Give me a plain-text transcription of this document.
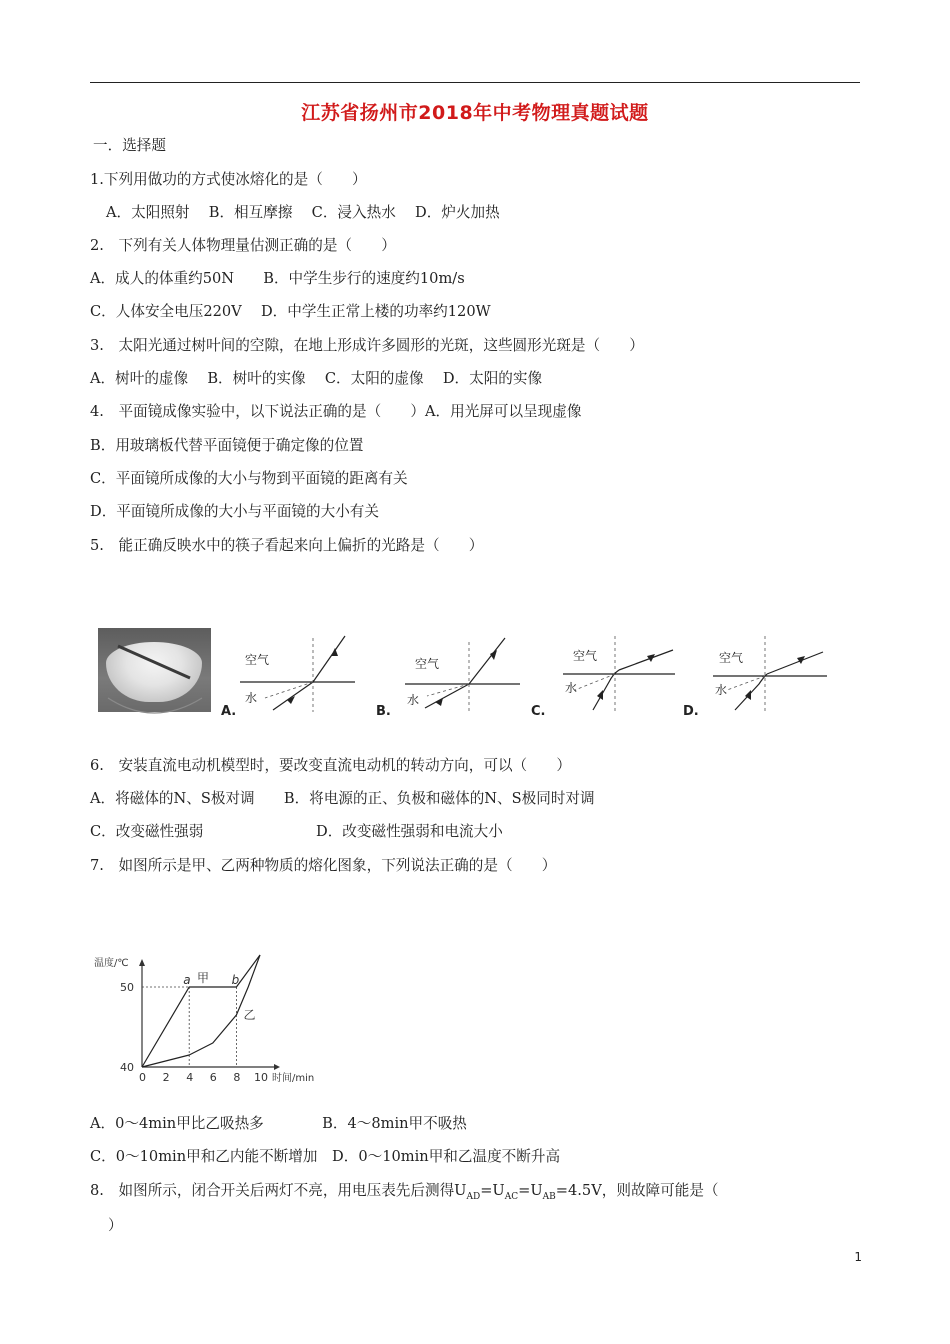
江苏省扬州市2018年中考物理真题试题
一．选择题
1.下列用做功的方式使冰熔化的是（　　）
A．太阳照射　 B．相互摩擦　 C．浸入热水　 D．炉火加热
2.　下列有关人体物理量估测正确的是（　　）
A．成人的体重约50N　　B．中学生步行的速度约10m/s
C．人体安全电压220V　 D．中学生正常上楼的功率约120W
3.　太阳光通过树叶间的空隙，在地上形成许多圆形的光斑，这些圆形光斑是（　　）
A．树叶的虚像　 B．树叶的实像　 C．太阳的虚像　 D．太阳的实像
4.　平面镜成像实验中，以下说法正确的是（　　）A．用光屏可以呈现虚像
B．用玻璃板代替平面镜便于确定像的位置
C．平面镜所成像的大小与物到平面镜的距离有关
D．平面镜所成像的大小与平面镜的大小有关
5.　能正确反映水中的筷子看起来向上偏折的光路是（　　）
空气
水
A.
空气
水
B.
空气
水
C.
空气
水
D.
6.　安装直流电动机模型时，要改变直流电动机的转动方向，可以（　　）
A．将磁体的N、S极对调　　B．将电源的正、负极和磁体的N、S极同时对调
C．改变磁性强弱	D．改变磁性强弱和电流大小
7.　如图所示是甲、乙两种物质的熔化图象，下列说法正确的是（　　）
温度/℃
时间/min
0 2 4 6 8 10
40
50
甲
乙
a	b
A．0～4min甲比乙吸热多　　　　B．4～8min甲不吸热
C．0～10min甲和乙内能不断增加　D．0～10min甲和乙温度不断升高
8.　如图所示，闭合开关后两灯不亮，用电压表先后测得$U_{AD}=U_{AC}=U_{AB}=4.5V$，则故障可能是（
）
1
